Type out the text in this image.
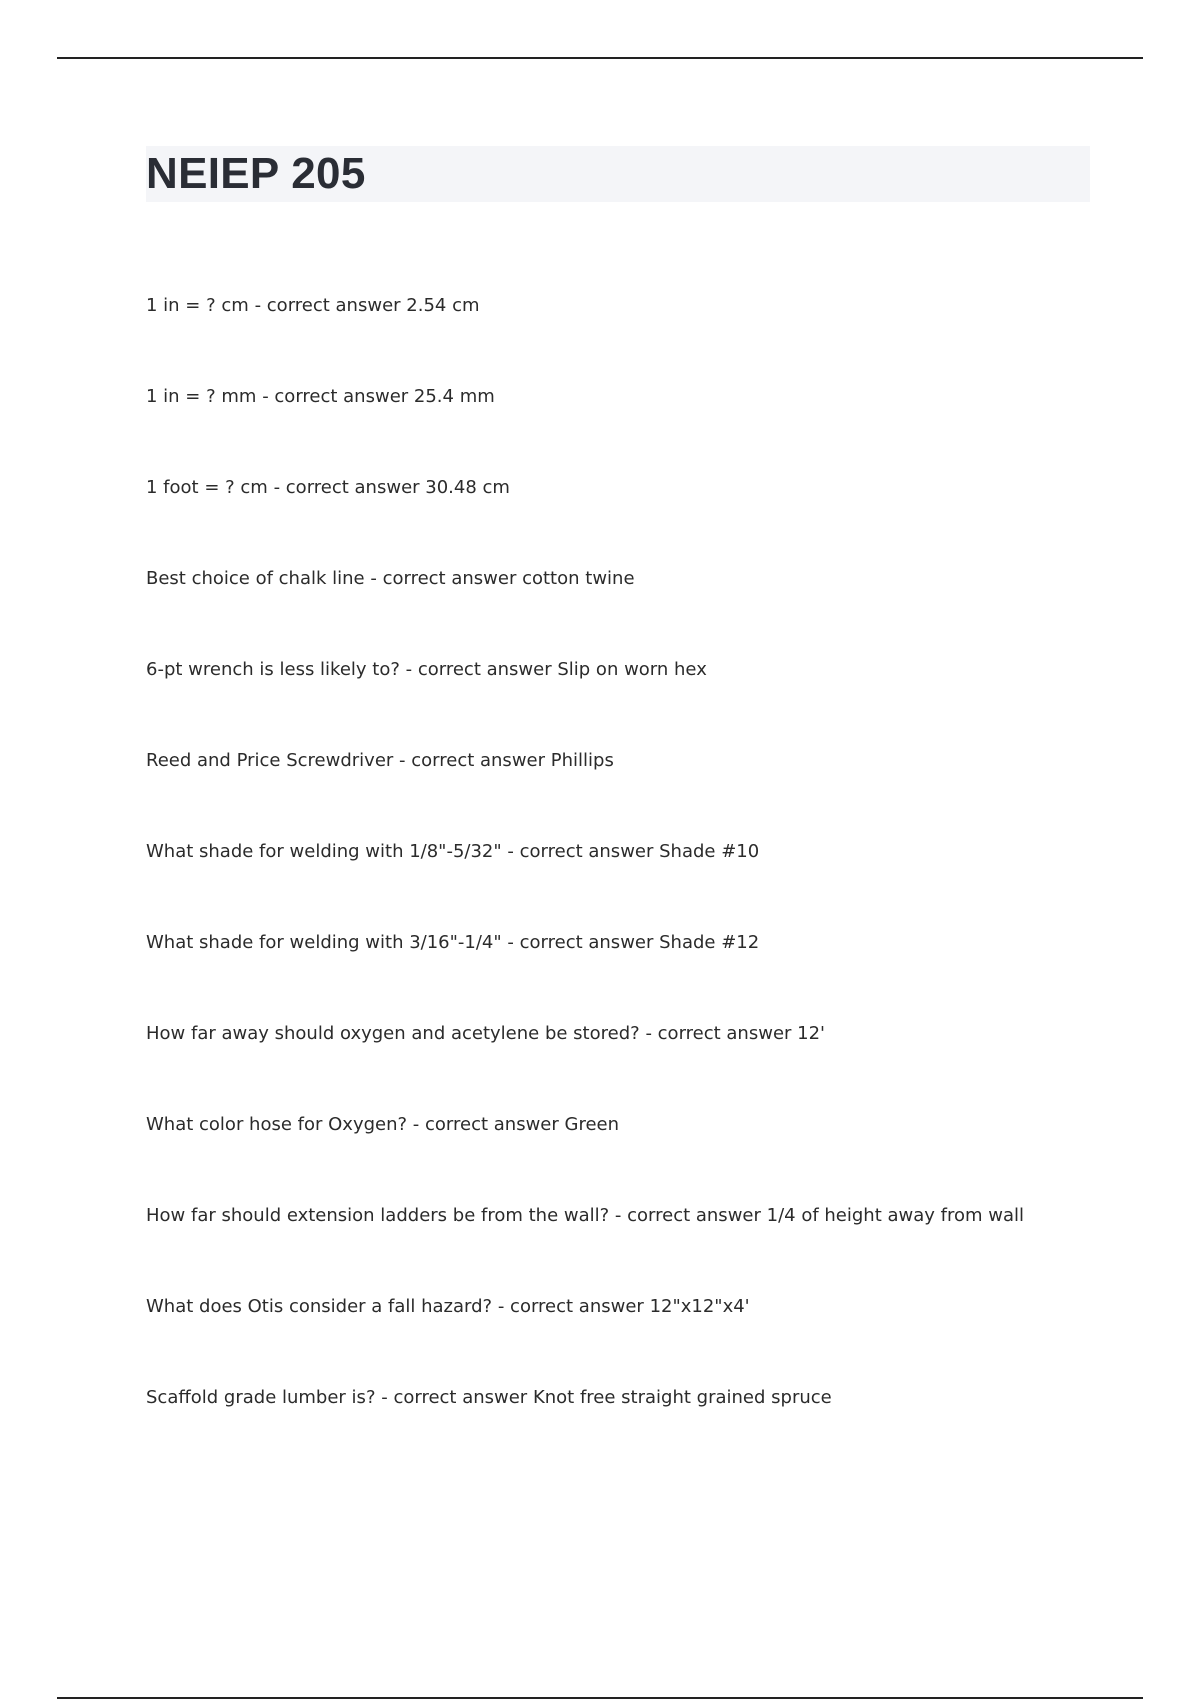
NEIEP 205
1 in = ? cm - correct answer 2.54 cm
1 in = ? mm - correct answer 25.4 mm
1 foot = ? cm - correct answer 30.48 cm
Best choice of chalk line - correct answer cotton twine
6-pt wrench is less likely to? - correct answer Slip on worn hex
Reed and Price Screwdriver - correct answer Phillips
What shade for welding with 1/8"-5/32" - correct answer Shade #10
What shade for welding with 3/16"-1/4" - correct answer Shade #12
How far away should oxygen and acetylene be stored? - correct answer 12'
What color hose for Oxygen? - correct answer Green
How far should extension ladders be from the wall? - correct answer 1/4 of height away from wall
What does Otis consider a fall hazard? - correct answer 12"x12"x4'
Scaffold grade lumber is? - correct answer Knot free straight grained spruce
